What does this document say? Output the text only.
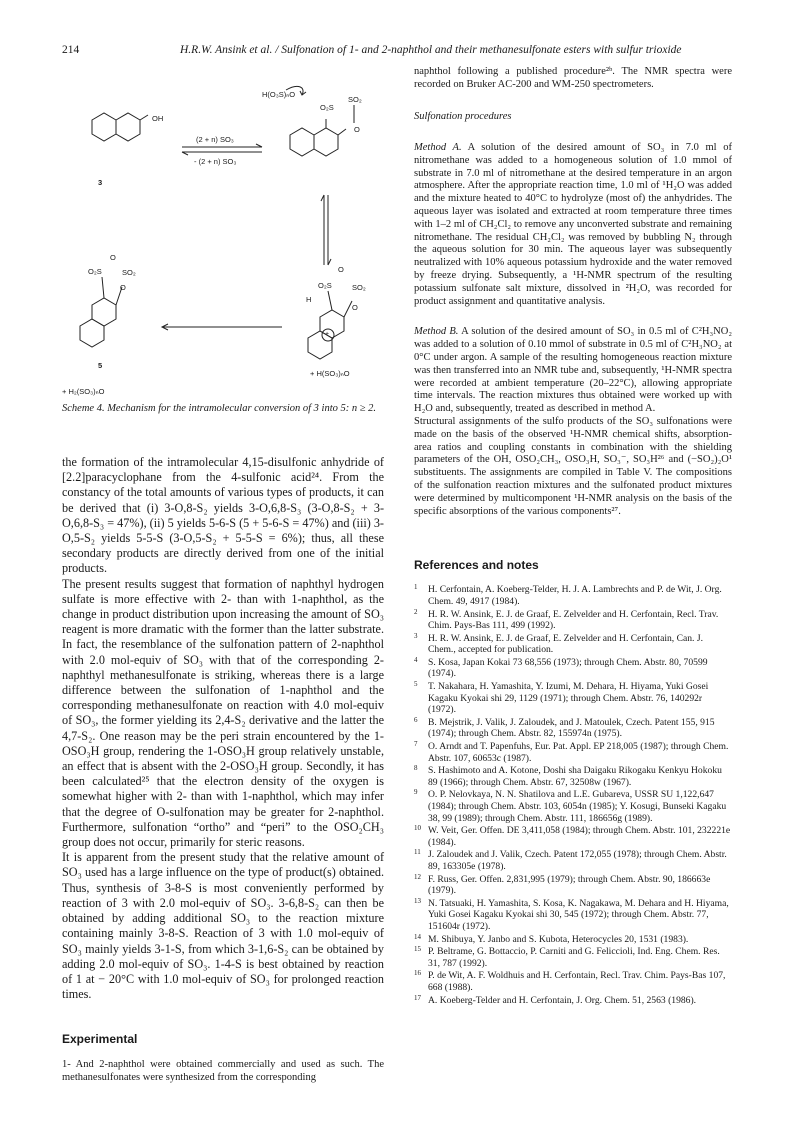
214	H.R.W. Ansink et al. / Sulfonation of 1- and 2-naphthol and their methanesulfonate esters with sulfur trioxide
OH
(2 + n) SO₃
- (2 + n) SO₃
3
H(O₃S)ₙO
O₂S
SO₂
O
O₂S	SO₂
O
O
O₂S	SO₂
O
O
H
+
5
+ H(SO₃)ₙO
+ H₂(SO₃)ₙO
Scheme 4. Mechanism for the intramolecular conversion of 3 into 5: n ≥ 2.

the formation of the intramolecular 4,15-disulfonic anhydride of [2.2]paracyclophane from the 4-sulfonic acid²⁴. From the constancy of the total amounts of various types of products, it can be derived that (i) 3-O,8-S₂ yields 3-O,6,8-S₃ (3-O,8-S₂ + 3-O,6,8-S₃ = 47%), (ii) 5 yields 5-6-S (5 + 5-6-S = 47%) and (iii) 3-O,5-S₂ yields 5-5-S (3-O,5-S₂ + 5-5-S = 6%); thus, all these secondary products are directly derived from one of the initial products.

The present results suggest that formation of naphthyl hydrogen sulfate is more effective with 2- than with 1-naphthol, as the change in product distribution upon increasing the amount of SO₃ reagent is more dramatic with the former than the latter substrate. In fact, the resemblance of the sulfonation pattern of 2-naphthol with 2.0 mol-equiv of SO₃ with that of the corresponding 2-naphthyl methanesulfonate is striking, whereas there is a large difference between the sulfonation of 1-naphthol and the corresponding methanesulfonate on reaction with 4.0 mol-equiv of SO₃, the former yielding its 2,4-S₂ derivative and the latter the 4,7-S₂. One reason may be the peri strain encountered by the 1-OSO₃H group, rendering the 1-OSO₃H group relatively unstable, an effect that is absent with the 2-OSO₃H group. Secondly, it has been calculated²⁵ that the electron density of the oxygen is somewhat higher with 2- than with 1-naphthol, which may infer that the degree of O-sulfonation may be greater for 2-naphthol. Furthermore, sulfonation “ortho” and “peri” to the OSO₂CH₃ group does not occur, primarily for steric reasons.

It is apparent from the present study that the relative amount of SO₃ used has a large influence on the type of product(s) obtained. Thus, synthesis of 3-8-S is most conveniently performed by reaction of 3 with 2.0 mol-equiv of SO₃. 3-6,8-S₂ can then be obtained by adding additional SO₃ to the reaction mixture containing mainly 3-8-S. Reaction of 3 with 1.0 mol-equiv of SO₃ mainly yields 3-1-S, from which 3-1,6-S₂ can be obtained by adding 2.0 mol-equiv of SO₃. 1-4-S is best obtained by reaction of 1 at − 20°C with 1.0 mol-equiv of SO₃ for prolonged reaction times.

Experimental

1- And 2-naphthol were obtained commercially and used as such. The methanesulfonates were synthesized from the corresponding

naphthol following a published procedure²ᵇ. The NMR spectra were recorded on Bruker AC-200 and WM-250 spectrometers.

Sulfonation procedures

Method A. A solution of the desired amount of SO₃ in 7.0 ml of nitromethane was added to a homogeneous solution of 1.0 mmol of substrate in 7.0 ml of nitromethane at the desired temperature in an argon atmosphere. After the appropriate reaction time, 1.0 ml of ¹H₂O was added and the mixture heated to 40°C to hydrolyze (most of) the anhydrides. The aqueous layer was isolated and extracted at room temperature three times with 1–2 ml of CH₂Cl₂ to remove any unconverted substrate and remaining nitromethane. The residual CH₂Cl₂ was removed by bubbling N₂ through the aqueous solution for 30 min. The aqueous layer was subsequently neutralized with 10% aqueous potassium hydroxide and the water removed by freeze drying. Subsequently, a ¹H-NMR spectrum of the resulting potassium sulfonate salt mixture, dissolved in ²H₂O, was recorded for product assignment and quantitative analysis.

Method B. A solution of the desired amount of SO₃ in 0.5 ml of C²H₃NO₂ was added to a solution of 0.10 mmol of substrate in 0.5 ml of C²H₃NO₂ at 0°C under argon. A sample of the resulting homogeneous reaction mixture was then transferred into an NMR tube and, subsequently, ¹H-NMR spectra were recorded at ambient temperature (20–22°C), allowing appropriate time intervals. The reaction mixtures thus obtained were worked up with H₂O and, subsequently, treated as described in method A.

Structural assignments of the sulfo products of the SO₃ sulfonations were made on the basis of the observed ¹H-NMR chemical shifts, absorption-area ratios and coupling constants in combination with the shielding parameters of the OH, OSO₂CH₃, OSO₃H, SO₃⁻, SO₃H²⁶ and (−SO₂)₂O¹ substituents. The assignments are compiled in Table V. The compositions of the sulfonation reaction mixtures and the sulfonated product mixtures were determined by multicomponent ¹H-NMR analysis on the basis of the specific absorptions of the various components²⁷.

References and notes
1 H. Cerfontain, A. Koeberg-Telder, H. J. A. Lambrechts and P. de Wit, J. Org. Chem. 49, 4917 (1984).
2 H. R. W. Ansink, E. J. de Graaf, E. Zelvelder and H. Cerfontain, Recl. Trav. Chim. Pays-Bas 111, 499 (1992).
3 H. R. W. Ansink, E. J. de Graaf, E. Zelvelder and H. Cerfontain, Can. J. Chem., accepted for publication.
4 S. Kosa, Japan Kokai 73 68,556 (1973); through Chem. Abstr. 80, 70599 (1974).
5 T. Nakahara, H. Yamashita, Y. Izumi, M. Dehara, H. Hiyama, Yuki Gosei Kagaku Kyokai shi 29, 1129 (1971); through Chem. Abstr. 76, 140292r (1972).
6 B. Mejstrik, J. Valik, J. Zaloudek, and J. Matoulek, Czech. Patent 155, 915 (1974); through Chem. Abstr. 82, 155974n (1975).
7 O. Arndt and T. Papenfuhs, Eur. Pat. Appl. EP 218,005 (1987); through Chem. Abstr. 107, 60653c (1987).
8 S. Hashimoto and A. Kotone, Doshi sha Daigaku Rikogaku Kenkyu Hokoku 89 (1966); through Chem. Abstr. 67, 32508w (1967).
9 O. P. Nelovkaya, N. N. Shatilova and L.E. Gubareva, USSR SU 1,122,647 (1984); through Chem. Abstr. 103, 6054n (1985); Y. Kosugi, Bunseki Kagaku 38, 99 (1989); through Chem. Abstr. 111, 186656g (1989).
10 W. Veit, Ger. Offen. DE 3,411,058 (1984); through Chem. Abstr. 101, 232221e (1984).
11 J. Zaloudek and J. Valik, Czech. Patent 172,055 (1978); through Chem. Abstr. 89, 163305e (1978).
12 F. Russ, Ger. Offen. 2,831,995 (1979); through Chem. Abstr. 90, 186663e (1979).
13 N. Tatsuaki, H. Yamashita, S. Kosa, K. Nagakawa, M. Dehara and H. Hiyama, Yuki Gosei Kagaku Kyokai shi 30, 545 (1972); through Chem. Abstr. 77, 151604r (1972).
14 M. Shibuya, Y. Janbo and S. Kubota, Heterocycles 20, 1531 (1983).
15 P. Beltrame, G. Bottaccio, P. Carniti and G. Feliccioli, Ind. Eng. Chem. Res. 31, 787 (1992).
16 P. de Wit, A. F. Woldhuis and H. Cerfontain, Recl. Trav. Chim. Pays-Bas 107, 668 (1988).
17 A. Koeberg-Telder and H. Cerfontain, J. Org. Chem. 51, 2563 (1986).
